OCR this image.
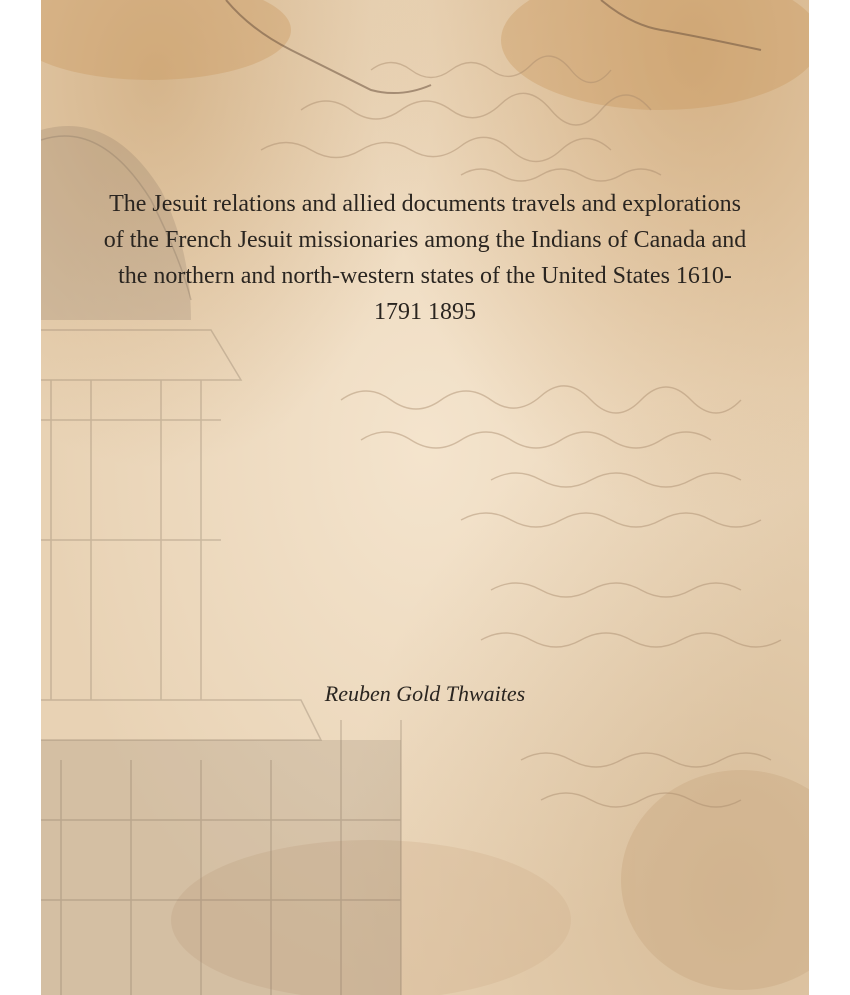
The Jesuit relations and allied documents travels and explorations of the French Jesuit missionaries among the Indians of Canada and the northern and north-western states of the United States 1610-1791 1895

Reuben Gold Thwaites
